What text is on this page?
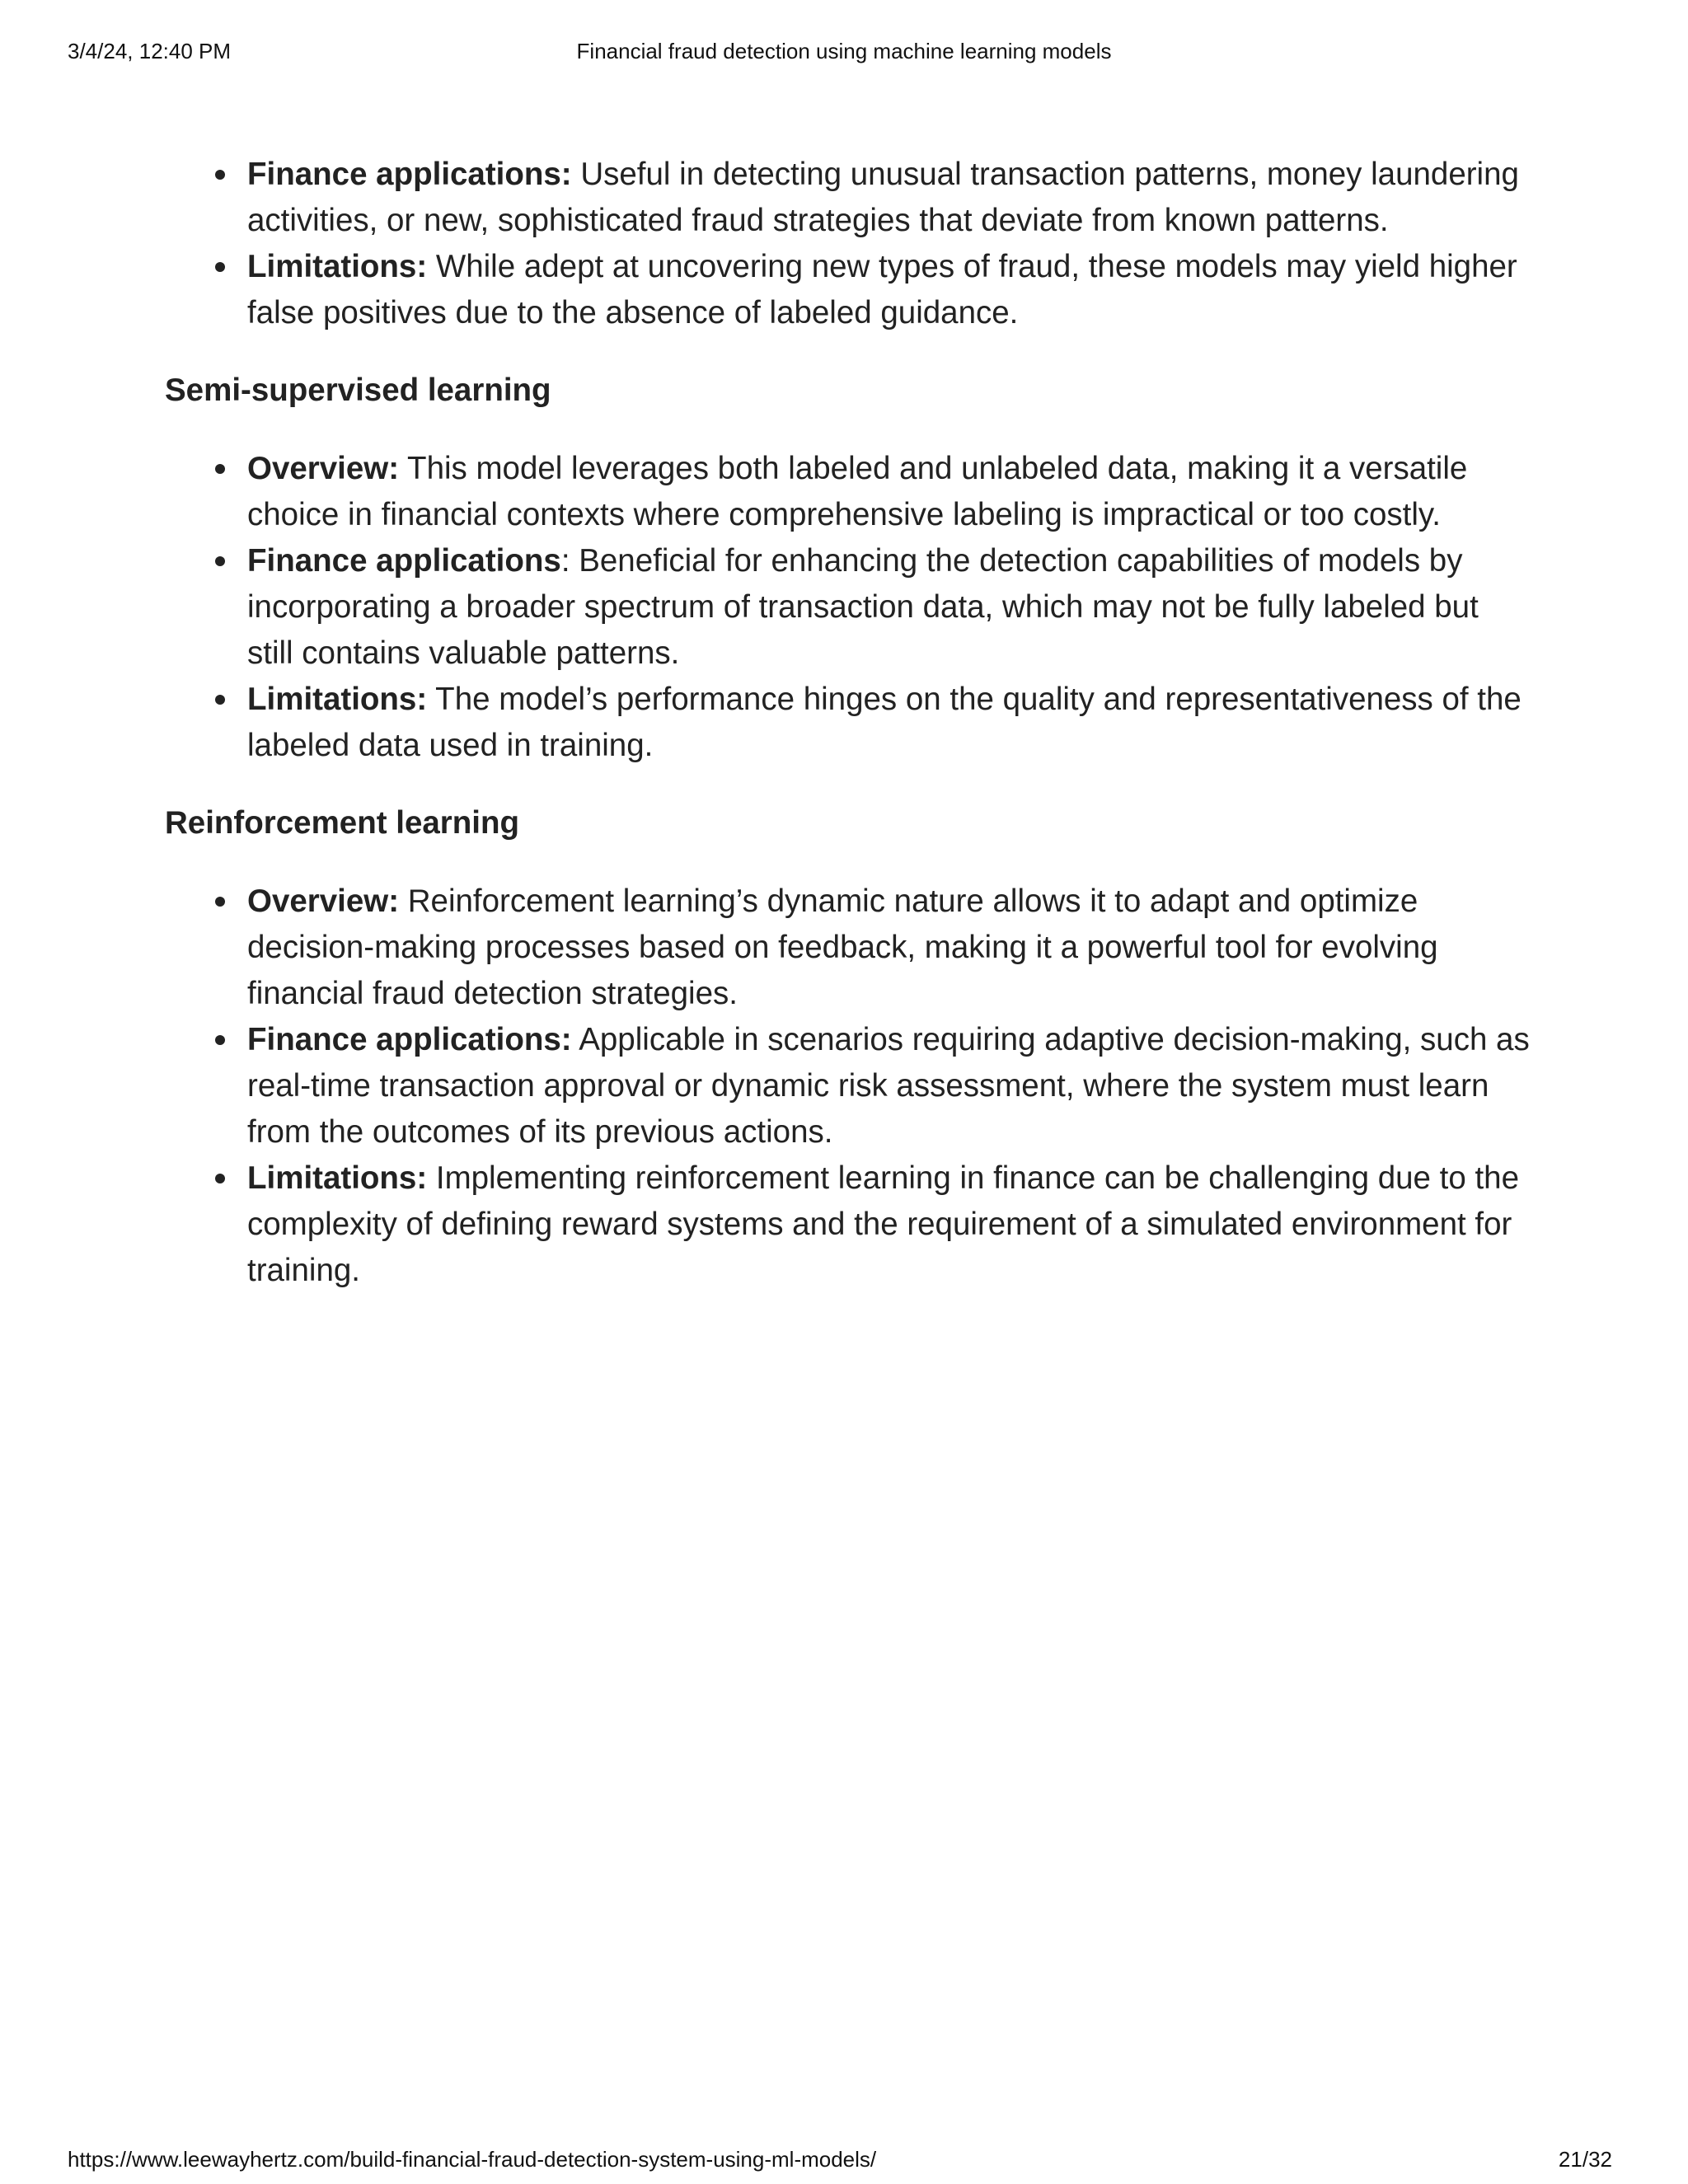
3/4/24, 12:40 PM	Financial fraud detection using machine learning models
Finance applications: Useful in detecting unusual transaction patterns, money laundering activities, or new, sophisticated fraud strategies that deviate from known patterns.
Limitations: While adept at uncovering new types of fraud, these models may yield higher false positives due to the absence of labeled guidance.
Semi-supervised learning
Overview: This model leverages both labeled and unlabeled data, making it a versatile choice in financial contexts where comprehensive labeling is impractical or too costly.
Finance applications: Beneficial for enhancing the detection capabilities of models by incorporating a broader spectrum of transaction data, which may not be fully labeled but still contains valuable patterns.
Limitations: The model’s performance hinges on the quality and representativeness of the labeled data used in training.
Reinforcement learning
Overview: Reinforcement learning’s dynamic nature allows it to adapt and optimize decision-making processes based on feedback, making it a powerful tool for evolving financial fraud detection strategies.
Finance applications: Applicable in scenarios requiring adaptive decision-making, such as real-time transaction approval or dynamic risk assessment, where the system must learn from the outcomes of its previous actions.
Limitations: Implementing reinforcement learning in finance can be challenging due to the complexity of defining reward systems and the requirement of a simulated environment for training.
https://www.leewayhertz.com/build-financial-fraud-detection-system-using-ml-models/	21/32
